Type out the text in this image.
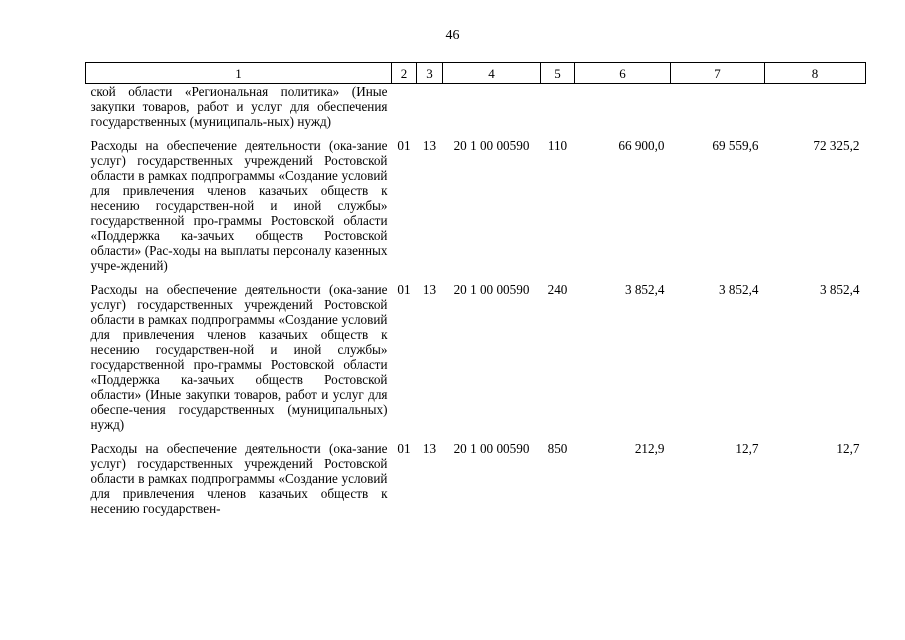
46
1	2	3	4	5	6	7	8
ской области «Региональная политика» (Иные закупки товаров, работ и услуг для обеспечения государственных (муниципаль-ных) нужд)							
Расходы на обеспечение деятельности (ока-зание услуг) государственных учреждений Ростовской области в рамках подпрограммы «Создание условий для привлечения членов казачьих обществ к несению государствен-ной и иной службы» государственной про-граммы Ростовской области «Поддержка ка-зачьих обществ Ростовской области» (Рас-ходы на выплаты персоналу казенных учре-ждений)	01	13	20 1 00 00590	110	66 900,0	69 559,6	72 325,2
Расходы на обеспечение деятельности (ока-зание услуг) государственных учреждений Ростовской области в рамках подпрограммы «Создание условий для привлечения членов казачьих обществ к несению государствен-ной и иной службы» государственной про-граммы Ростовской области «Поддержка ка-зачьих обществ Ростовской области» (Иные закупки товаров, работ и услуг для обеспе-чения государственных (муниципальных) нужд)	01	13	20 1 00 00590	240	3 852,4	3 852,4	3 852,4
Расходы на обеспечение деятельности (ока-зание услуг) государственных учреждений Ростовской области в рамках подпрограммы «Создание условий для привлечения членов казачьих обществ к несению государствен-	01	13	20 1 00 00590	850	212,9	12,7	12,7
